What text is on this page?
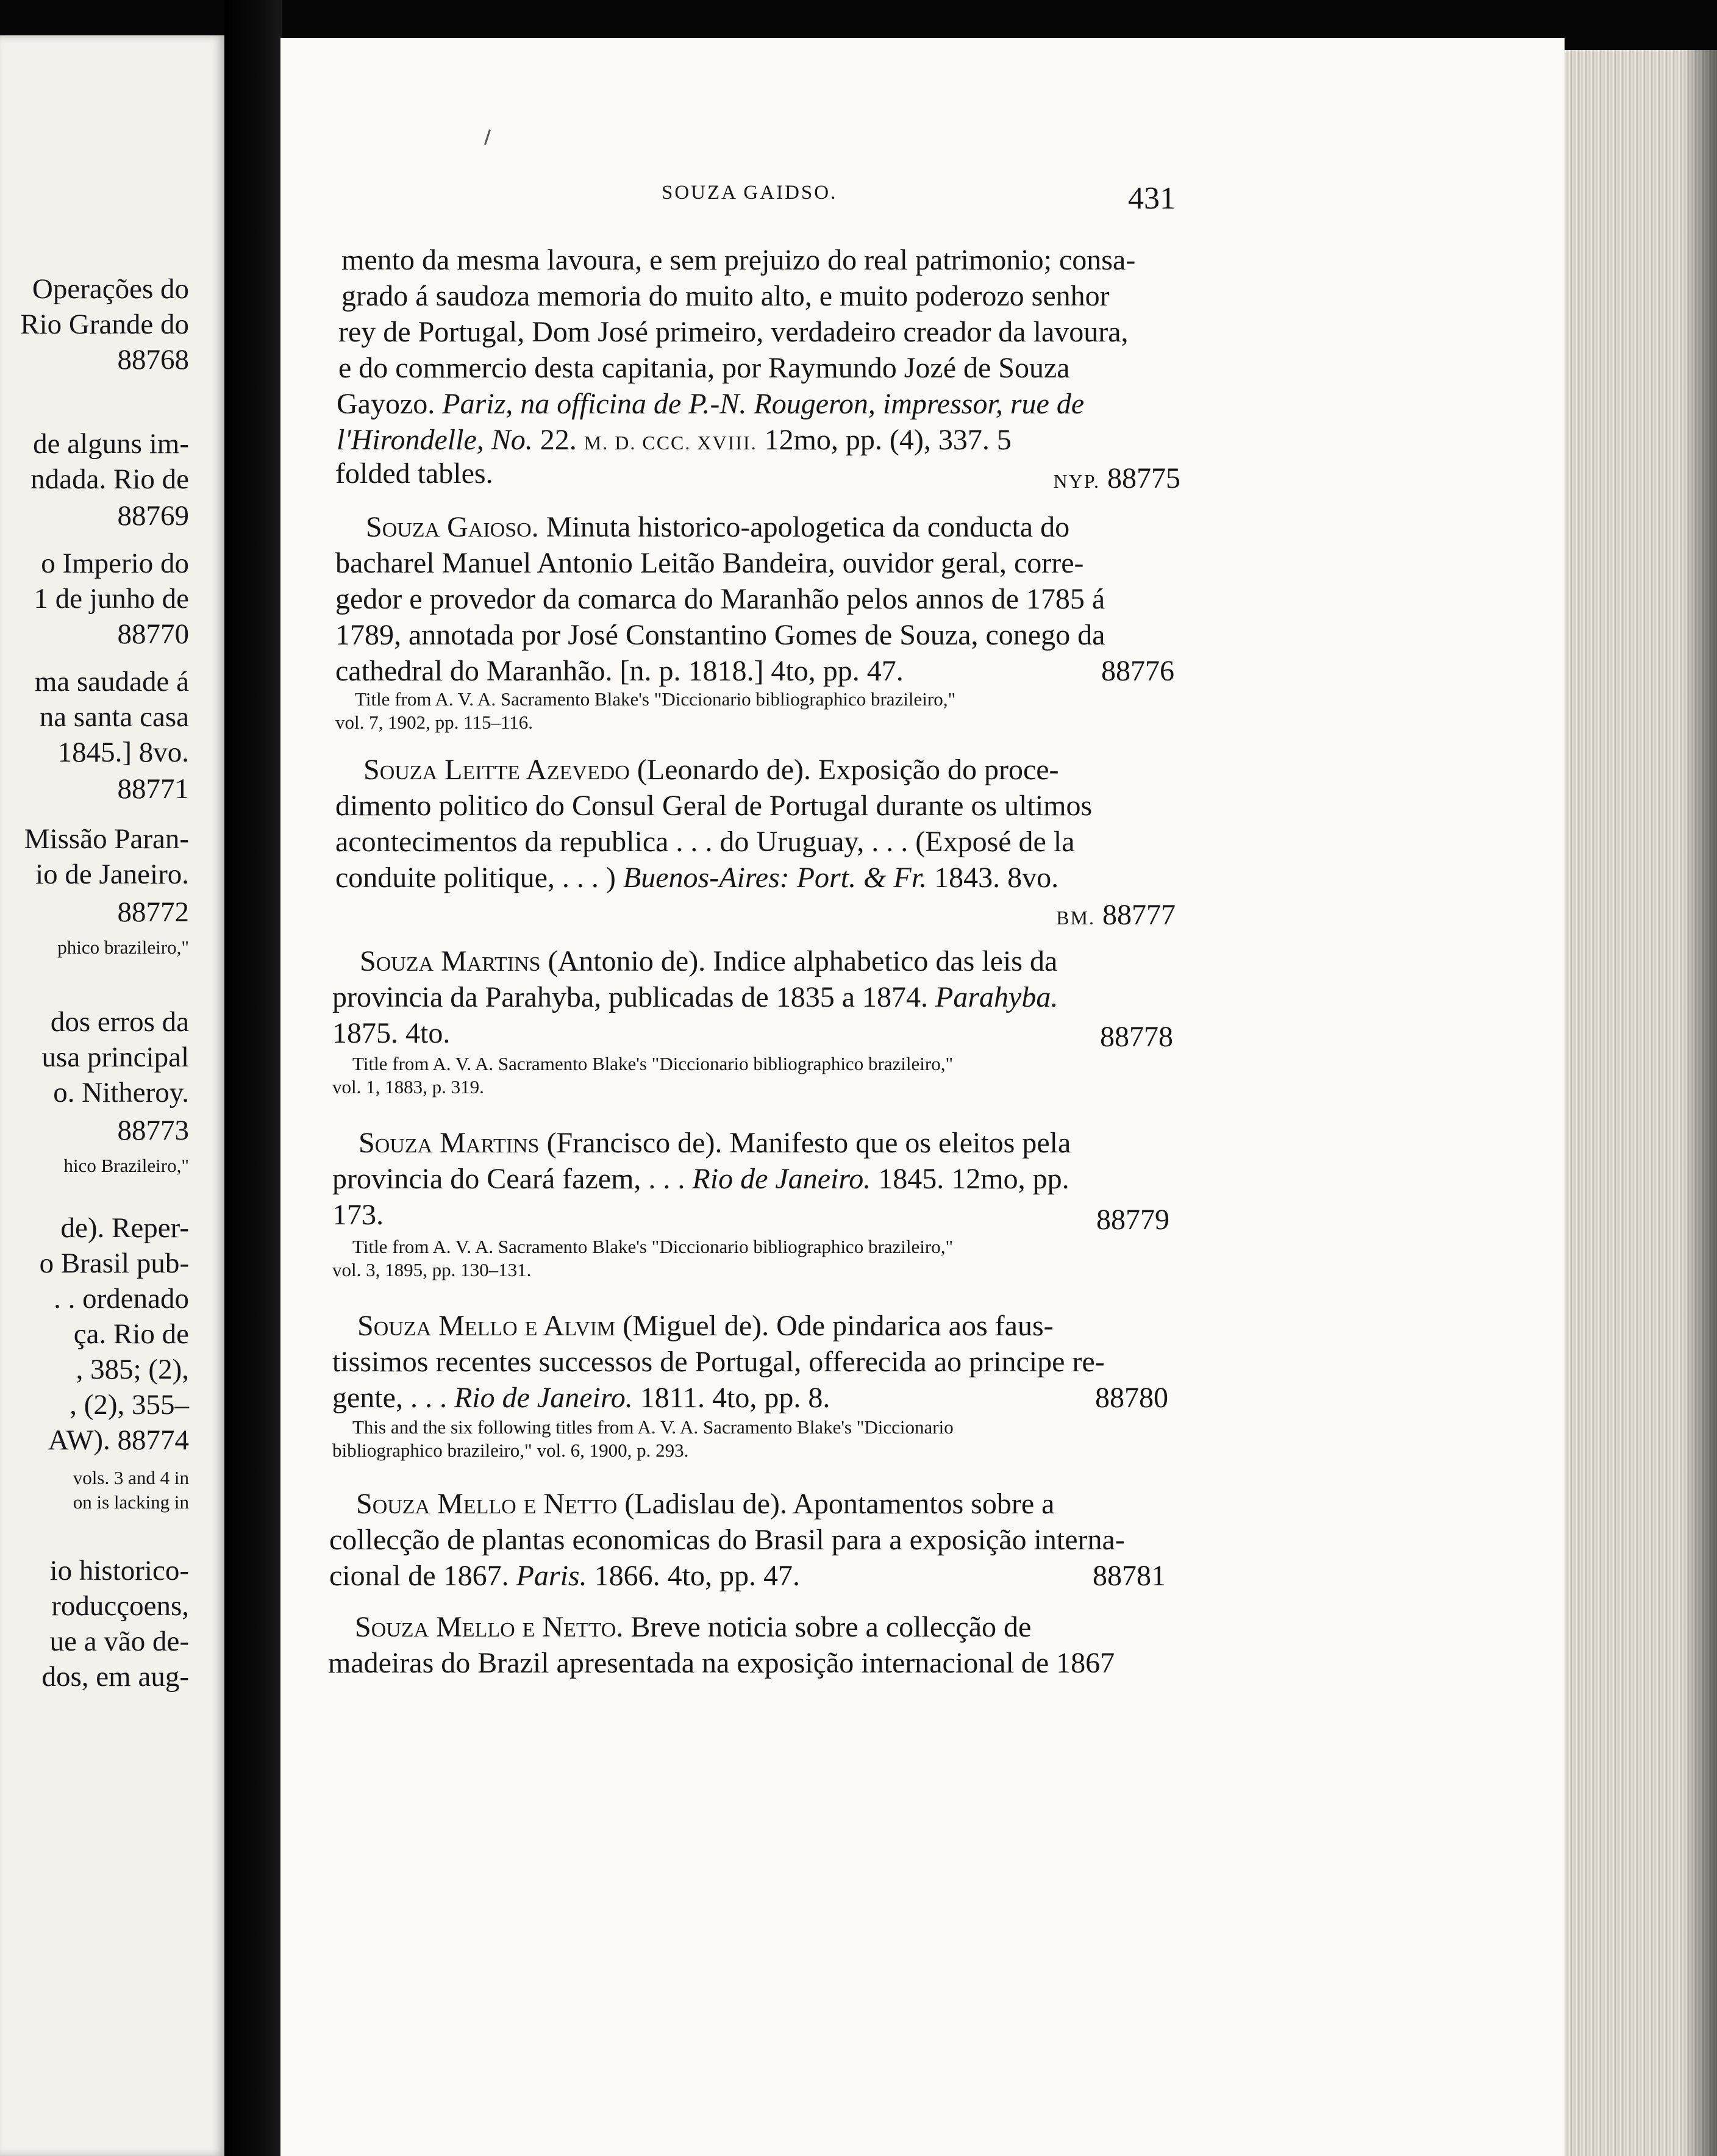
Operações do
Rio Grande do
88768
de alguns im-
ndada. Rio de
88769
o Imperio do
1 de junho de
88770
ma saudade á
na santa casa
1845.] 8vo.
88771
Missão Paran-
io de Janeiro.
88772
phico brazileiro,"
dos erros da
usa principal
o. Nitheroy.
88773
hico Brazileiro,"
de). Reper-
o Brasil pub-
. . ordenado
ça. Rio de
, 385; (2),
, (2), 355–
AW). 88774
vols. 3 and 4 in
on is lacking in
io historico-
roducçoens,
ue a vão de-
dos, em aug-
SOUZA GAIDSO.	431
mento da mesma lavoura, e sem prejuizo do real patrimonio; consa-
grado á saudoza memoria do muito alto, e muito poderozo senhor
rey de Portugal, Dom José primeiro, verdadeiro creador da lavoura,
e do commercio desta capitania, por Raymundo Jozé de Souza
Gayozo. Pariz, na officina de P.-N. Rougeron, impressor, rue de
l'Hirondelle, No. 22. M. D. CCC. XVIII. 12mo, pp. (4), 337. 5
folded tables.	NYP. 88775
Souza Gaioso. Minuta historico-apologetica da conducta do
bacharel Manuel Antonio Leitão Bandeira, ouvidor geral, corre-
gedor e provedor da comarca do Maranhão pelos annos de 1785 á
1789, annotada por José Constantino Gomes de Souza, conego da
cathedral do Maranhão. [n. p. 1818.] 4to, pp. 47.	88776
Title from A. V. A. Sacramento Blake's "Diccionario bibliographico brazileiro,"
vol. 7, 1902, pp. 115–116.
Souza Leitte Azevedo (Leonardo de). Exposição do proce-
dimento politico do Consul Geral de Portugal durante os ultimos
acontecimentos da republica . . . do Uruguay, . . . (Exposé de la
conduite politique, . . . ) Buenos-Aires: Port. & Fr. 1843. 8vo.
BM. 88777
Souza Martins (Antonio de). Indice alphabetico das leis da
provincia da Parahyba, publicadas de 1835 a 1874. Parahyba.
1875. 4to.	88778
Title from A. V. A. Sacramento Blake's "Diccionario bibliographico brazileiro,"
vol. 1, 1883, p. 319.
Souza Martins (Francisco de). Manifesto que os eleitos pela
provincia do Ceará fazem, . . . Rio de Janeiro. 1845. 12mo, pp.
173.	88779
Title from A. V. A. Sacramento Blake's "Diccionario bibliographico brazileiro,"
vol. 3, 1895, pp. 130–131.
Souza Mello e Alvim (Miguel de). Ode pindarica aos faus-
tissimos recentes successos de Portugal, offerecida ao principe re-
gente, . . . Rio de Janeiro. 1811. 4to, pp. 8.	88780
This and the six following titles from A. V. A. Sacramento Blake's "Diccionario
bibliographico brazileiro," vol. 6, 1900, p. 293.
Souza Mello e Netto (Ladislau de). Apontamentos sobre a
collecção de plantas economicas do Brasil para a exposição interna-
cional de 1867. Paris. 1866. 4to, pp. 47.	88781
Souza Mello e Netto. Breve noticia sobre a collecção de
madeiras do Brazil apresentada na exposição internacional de 1867
